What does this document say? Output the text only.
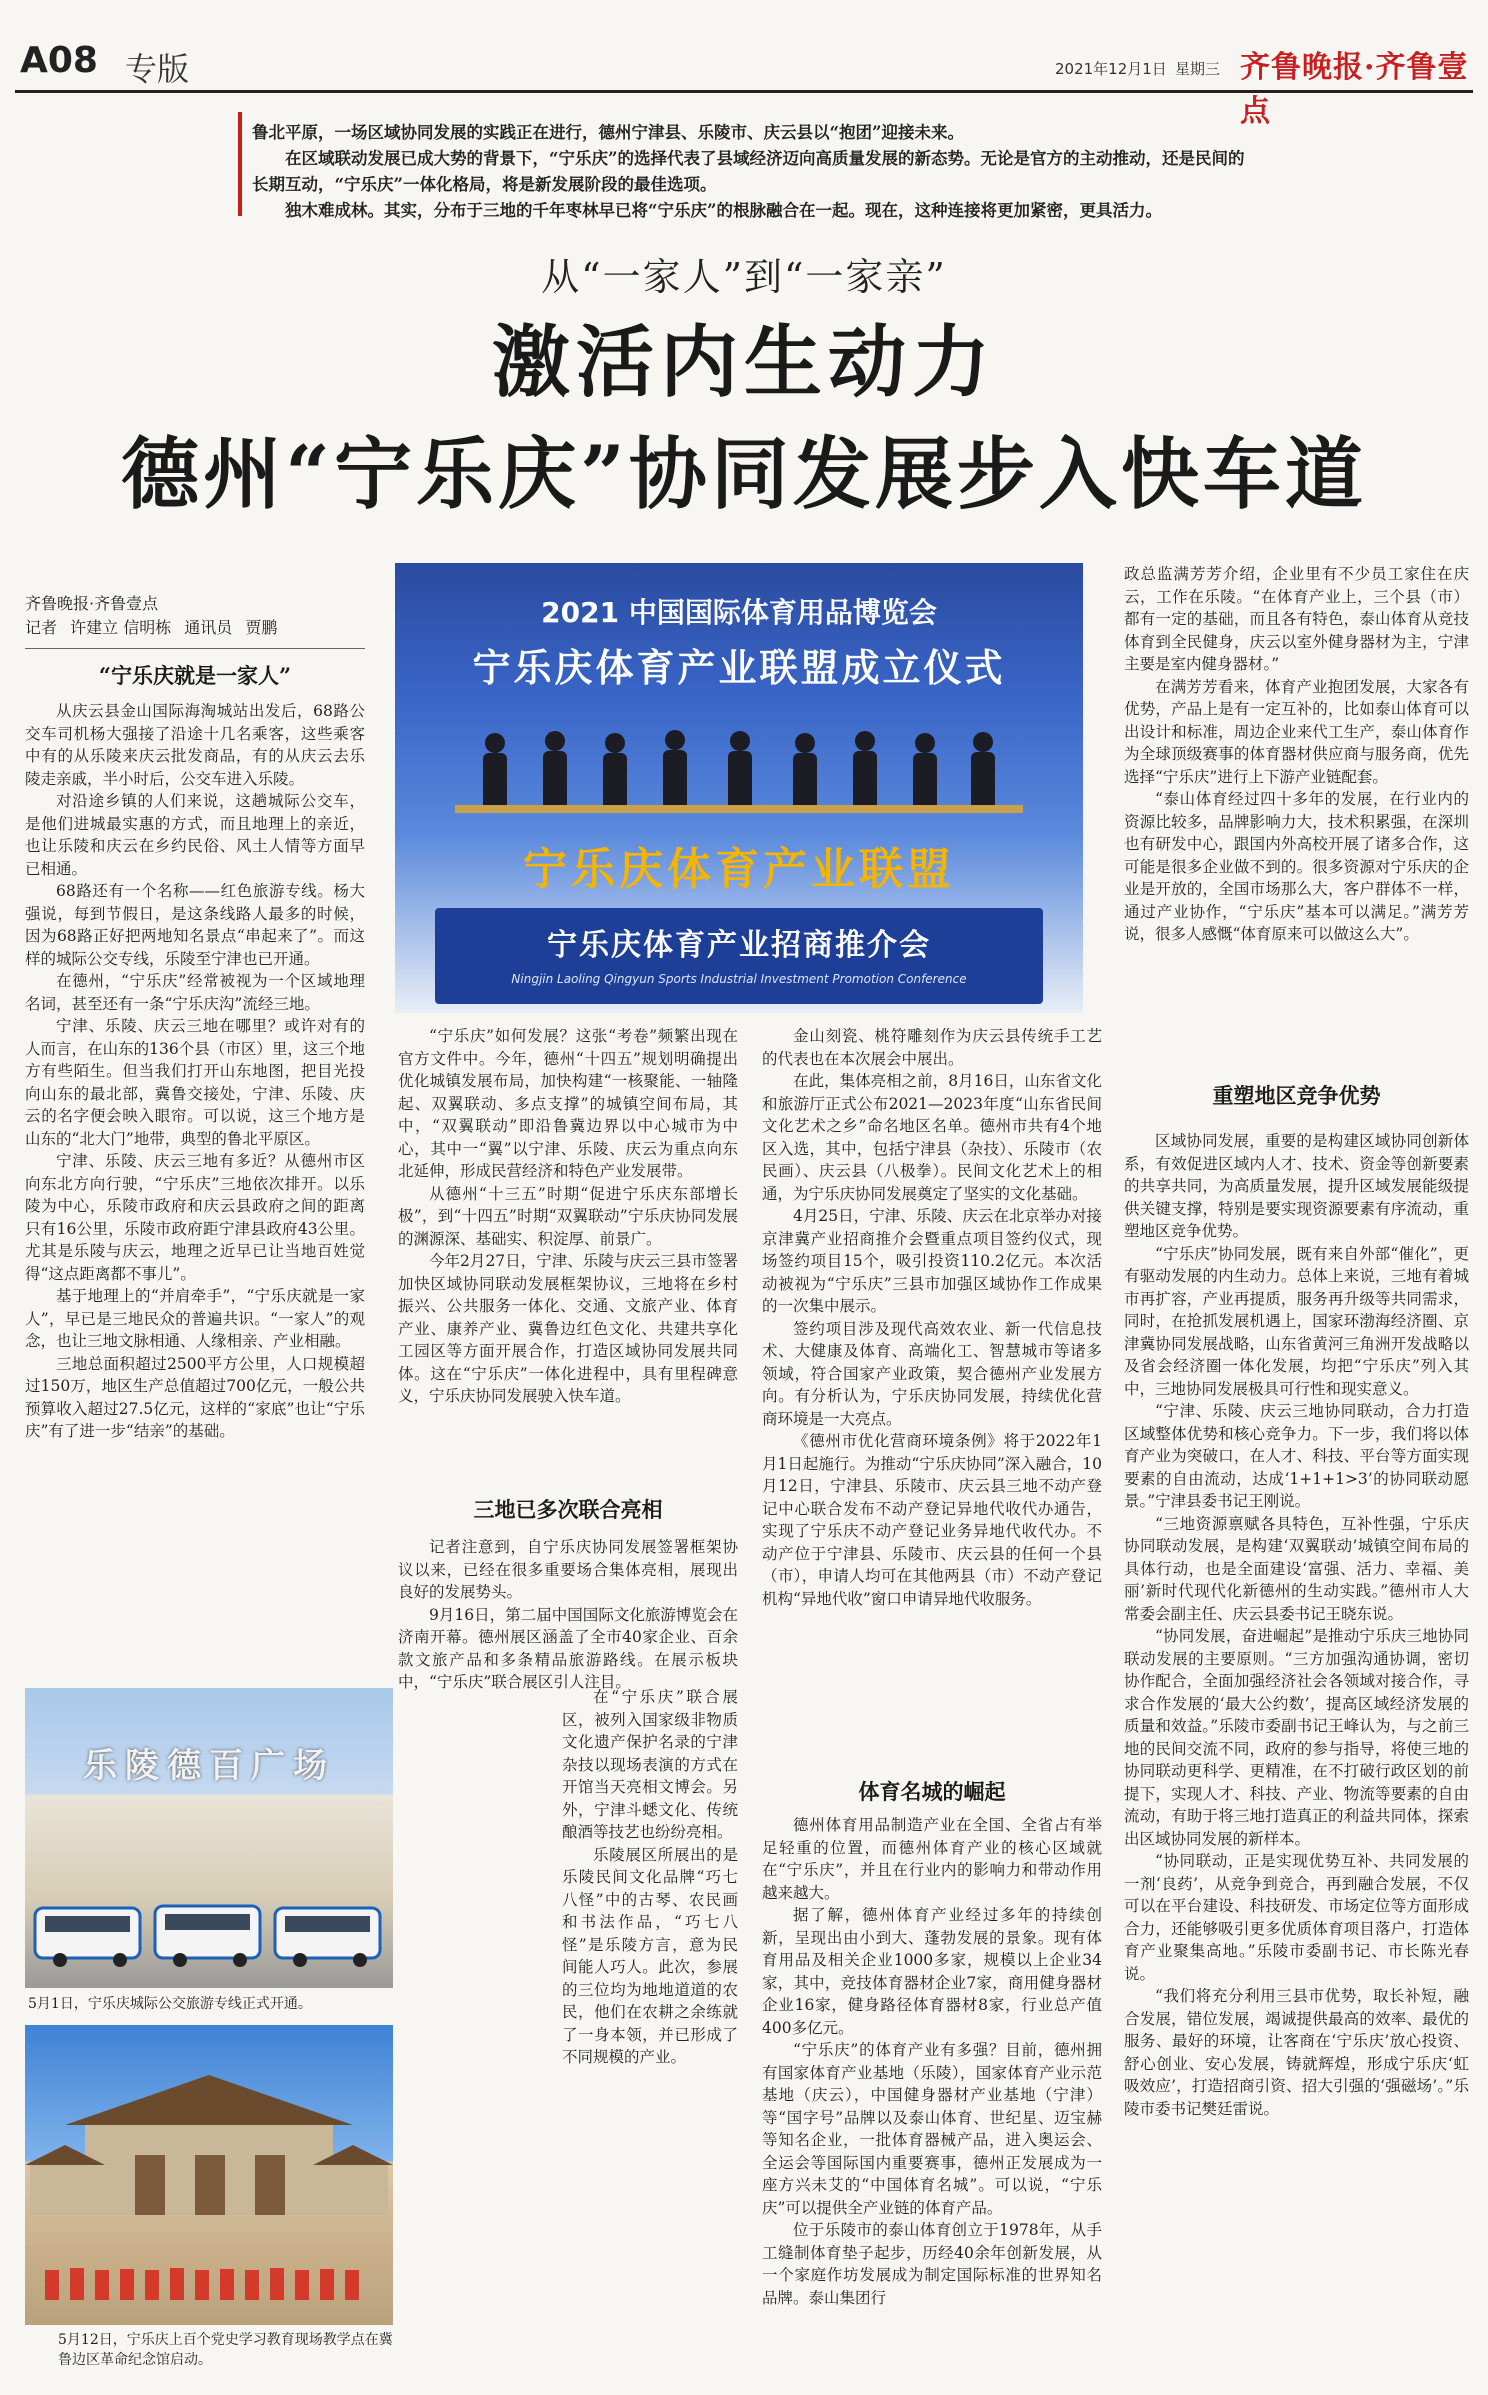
A08 专版	2021年12月1日 星期三 齐鲁晚报·齐鲁壹点

鲁北平原，一场区域协同发展的实践正在进行，德州宁津县、乐陵市、庆云县以“抱团”迎接未来。

在区域联动发展已成大势的背景下，“宁乐庆”的选择代表了县域经济迈向高质量发展的新态势。无论是官方的主动推动，还是民间的长期互动，“宁乐庆”一体化格局，将是新发展阶段的最佳选项。

独木难成林。其实，分布于三地的千年枣林早已将“宁乐庆”的根脉融合在一起。现在，这种连接将更加紧密，更具活力。

从“一家人”到“一家亲”
激活内生动力
德州“宁乐庆”协同发展步入快车道
齐鲁晚报·齐鲁壹点
记者 许建立 信明栋 通讯员 贾鹏	2021 中国国际体育用品博览会
宁乐庆体育产业联盟成立仪式
宁乐庆体育产业联盟
宁乐庆体育产业招商推介会
Ningjin Laoling Qingyun Sports Industrial Investment Promotion Conference
“宁乐庆就是一家人”

从庆云县金山国际海淘城站出发后，68路公交车司机杨大强接了沿途十几名乘客，这些乘客中有的从乐陵来庆云批发商品，有的从庆云去乐陵走亲戚，半小时后，公交车进入乐陵。

对沿途乡镇的人们来说，这趟城际公交车，是他们进城最实惠的方式，而且地理上的亲近，也让乐陵和庆云在乡约民俗、风土人情等方面早已相通。

68路还有一个名称——红色旅游专线。杨大强说，每到节假日，是这条线路人最多的时候，因为68路正好把两地知名景点“串起来了”。而这样的城际公交专线，乐陵至宁津也已开通。

在德州，“宁乐庆”经常被视为一个区域地理名词，甚至还有一条“宁乐庆沟”流经三地。

宁津、乐陵、庆云三地在哪里？或许对有的人而言，在山东的136个县（市区）里，这三个地方有些陌生。但当我们打开山东地图，把目光投向山东的最北部，冀鲁交接处，宁津、乐陵、庆云的名字便会映入眼帘。可以说，这三个地方是山东的“北大门”地带，典型的鲁北平原区。

宁津、乐陵、庆云三地有多近？从德州市区向东北方向行驶，“宁乐庆”三地依次排开。以乐陵为中心，乐陵市政府和庆云县政府之间的距离只有16公里，乐陵市政府距宁津县政府43公里。尤其是乐陵与庆云，地理之近早已让当地百姓觉得“这点距离都不事儿”。

基于地理上的“并肩牵手”，“宁乐庆就是一家人”，早已是三地民众的普遍共识。“一家人”的观念，也让三地文脉相通、人缘相亲、产业相融。

三地总面积超过2500平方公里，人口规模超过150万，地区生产总值超过700亿元，一般公共预算收入超过27.5亿元，这样的“家底”也让“宁乐庆”有了进一步“结亲”的基础。

乐陵德百广场
5月1日，宁乐庆城际公交旅游专线正式开通。
5月12日，宁乐庆上百个党史学习教育现场教学点在冀鲁边区革命纪念馆启动。

“宁乐庆”如何发展？这张“考卷”频繁出现在官方文件中。今年，德州“十四五”规划明确提出优化城镇发展布局，加快构建“一核聚能、一轴隆起、双翼联动、多点支撑”的城镇空间布局，其中，“双翼联动”即沿鲁冀边界以中心城市为中心，其中一“翼”以宁津、乐陵、庆云为重点向东北延伸，形成民营经济和特色产业发展带。

从德州“十三五”时期“促进宁乐庆东部增长极”，到“十四五”时期“双翼联动”宁乐庆协同发展的渊源深、基础实、积淀厚、前景广。

今年2月27日，宁津、乐陵与庆云三县市签署加快区域协同联动发展框架协议，三地将在乡村振兴、公共服务一体化、交通、文旅产业、体育产业、康养产业、冀鲁边红色文化、共建共享化工园区等方面开展合作，打造区域协同发展共同体。这在“宁乐庆”一体化进程中，具有里程碑意义，宁乐庆协同发展驶入快车道。

三地已多次联合亮相

记者注意到，自宁乐庆协同发展签署框架协议以来，已经在很多重要场合集体亮相，展现出良好的发展势头。

9月16日，第二届中国国际文化旅游博览会在济南开幕。德州展区涵盖了全市40家企业、百余款文旅产品和多条精品旅游路线。在展示板块中，“宁乐庆”联合展区引人注目。

在“宁乐庆”联合展区，被列入国家级非物质文化遗产保护名录的宁津杂技以现场表演的方式在开馆当天亮相文博会。另外，宁津斗蟋文化、传统酿酒等技艺也纷纷亮相。

乐陵展区所展出的是乐陵民间文化品牌“巧七八怪”中的古琴、农民画和书法作品，“巧七八怪”是乐陵方言，意为民间能人巧人。此次，参展的三位均为地地道道的农民，他们在农耕之余练就了一身本领，并已形成了不同规模的产业。

金山刻瓷、桃符雕刻作为庆云县传统手工艺的代表也在本次展会中展出。

在此，集体亮相之前，8月16日，山东省文化和旅游厅正式公布2021—2023年度“山东省民间文化艺术之乡”命名地区名单。德州市共有4个地区入选，其中，包括宁津县（杂技）、乐陵市（农民画）、庆云县（八极拳）。民间文化艺术上的相通，为宁乐庆协同发展奠定了坚实的文化基础。

4月25日，宁津、乐陵、庆云在北京举办对接京津冀产业招商推介会暨重点项目签约仪式，现场签约项目15个，吸引投资110.2亿元。本次活动被视为“宁乐庆”三县市加强区域协作工作成果的一次集中展示。

签约项目涉及现代高效农业、新一代信息技术、大健康及体育、高端化工、智慧城市等诸多领域，符合国家产业政策，契合德州产业发展方向。有分析认为，宁乐庆协同发展，持续优化营商环境是一大亮点。

《德州市优化营商环境条例》将于2022年1月1日起施行。为推动“宁乐庆协同”深入融合，10月12日，宁津县、乐陵市、庆云县三地不动产登记中心联合发布不动产登记异地代收代办通告，实现了宁乐庆不动产登记业务异地代收代办。不动产位于宁津县、乐陵市、庆云县的任何一个县（市），申请人均可在其他两县（市）不动产登记机构“异地代收”窗口申请异地代收服务。

体育名城的崛起

德州体育用品制造产业在全国、全省占有举足轻重的位置，而德州体育产业的核心区域就在“宁乐庆”，并且在行业内的影响力和带动作用越来越大。

据了解，德州体育产业经过多年的持续创新，呈现出由小到大、蓬勃发展的景象。现有体育用品及相关企业1000多家，规模以上企业34家，其中，竞技体育器材企业7家，商用健身器材企业16家，健身路径体育器材8家，行业总产值400多亿元。

“宁乐庆”的体育产业有多强？目前，德州拥有国家体育产业基地（乐陵），国家体育产业示范基地（庆云），中国健身器材产业基地（宁津）等“国字号”品牌以及泰山体育、世纪星、迈宝赫等知名企业，一批体育器械产品，进入奥运会、全运会等国际国内重要赛事，德州正发展成为一座方兴未艾的“中国体育名城”。可以说，“宁乐庆”可以提供全产业链的体育产品。

位于乐陵市的泰山体育创立于1978年，从手工缝制体育垫子起步，历经40余年创新发展，从一个家庭作坊发展成为制定国际标准的世界知名品牌。泰山集团行

政总监满芳芳介绍，企业里有不少员工家住在庆云，工作在乐陵。“在体育产业上，三个县（市）都有一定的基础，而且各有特色，泰山体育从竞技体育到全民健身，庆云以室外健身器材为主，宁津主要是室内健身器材。”

在满芳芳看来，体育产业抱团发展，大家各有优势，产品上是有一定互补的，比如泰山体育可以出设计和标准，周边企业来代工生产，泰山体育作为全球顶级赛事的体育器材供应商与服务商，优先选择“宁乐庆”进行上下游产业链配套。

“泰山体育经过四十多年的发展，在行业内的资源比较多，品牌影响力大，技术积累强，在深圳也有研发中心，跟国内外高校开展了诸多合作，这可能是很多企业做不到的。很多资源对宁乐庆的企业是开放的，全国市场那么大，客户群体不一样，通过产业协作，“宁乐庆”基本可以满足。”满芳芳说，很多人感慨“体育原来可以做这么大”。

重塑地区竞争优势

区域协同发展，重要的是构建区域协同创新体系，有效促进区域内人才、技术、资金等创新要素的共享共同，为高质量发展，提升区域发展能级提供关键支撑，特别是要实现资源要素有序流动，重塑地区竞争优势。

“宁乐庆”协同发展，既有来自外部“催化”，更有驱动发展的内生动力。总体上来说，三地有着城市再扩容，产业再提质，服务再升级等共同需求，同时，在抢抓发展机遇上，国家环渤海经济圈、京津冀协同发展战略，山东省黄河三角洲开发战略以及省会经济圈一体化发展，均把“宁乐庆”列入其中，三地协同发展极具可行性和现实意义。

“宁津、乐陵、庆云三地协同联动，合力打造区域整体优势和核心竞争力。下一步，我们将以体育产业为突破口，在人才、科技、平台等方面实现要素的自由流动，达成‘1+1+1>3’的协同联动愿景。”宁津县委书记王刚说。

“三地资源禀赋各具特色，互补性强，宁乐庆协同联动发展，是构建‘双翼联动’城镇空间布局的具体行动，也是全面建设‘富强、活力、幸福、美丽’新时代现代化新德州的生动实践。”德州市人大常委会副主任、庆云县委书记王晓东说。

“协同发展，奋进崛起”是推动宁乐庆三地协同联动发展的主要原则。“三方加强沟通协调，密切协作配合，全面加强经济社会各领域对接合作，寻求合作发展的‘最大公约数’，提高区域经济发展的质量和效益。”乐陵市委副书记王峰认为，与之前三地的民间交流不同，政府的参与指导，将使三地的协同联动更科学、更精准，在不打破行政区划的前提下，实现人才、科技、产业、物流等要素的自由流动，有助于将三地打造真正的利益共同体，探索出区域协同发展的新样本。

“协同联动，正是实现优势互补、共同发展的一剂‘良药’，从竞争到竞合，再到融合发展，不仅可以在平台建设、科技研发、市场定位等方面形成合力，还能够吸引更多优质体育项目落户，打造体育产业聚集高地。”乐陵市委副书记、市长陈光春说。

“我们将充分利用三县市优势，取长补短，融合发展，错位发展，竭诚提供最高的效率、最优的服务、最好的环境，让客商在‘宁乐庆’放心投资、舒心创业、安心发展，铸就辉煌，形成宁乐庆‘虹吸效应’，打造招商引资、招大引强的‘强磁场’。”乐陵市委书记樊廷雷说。
